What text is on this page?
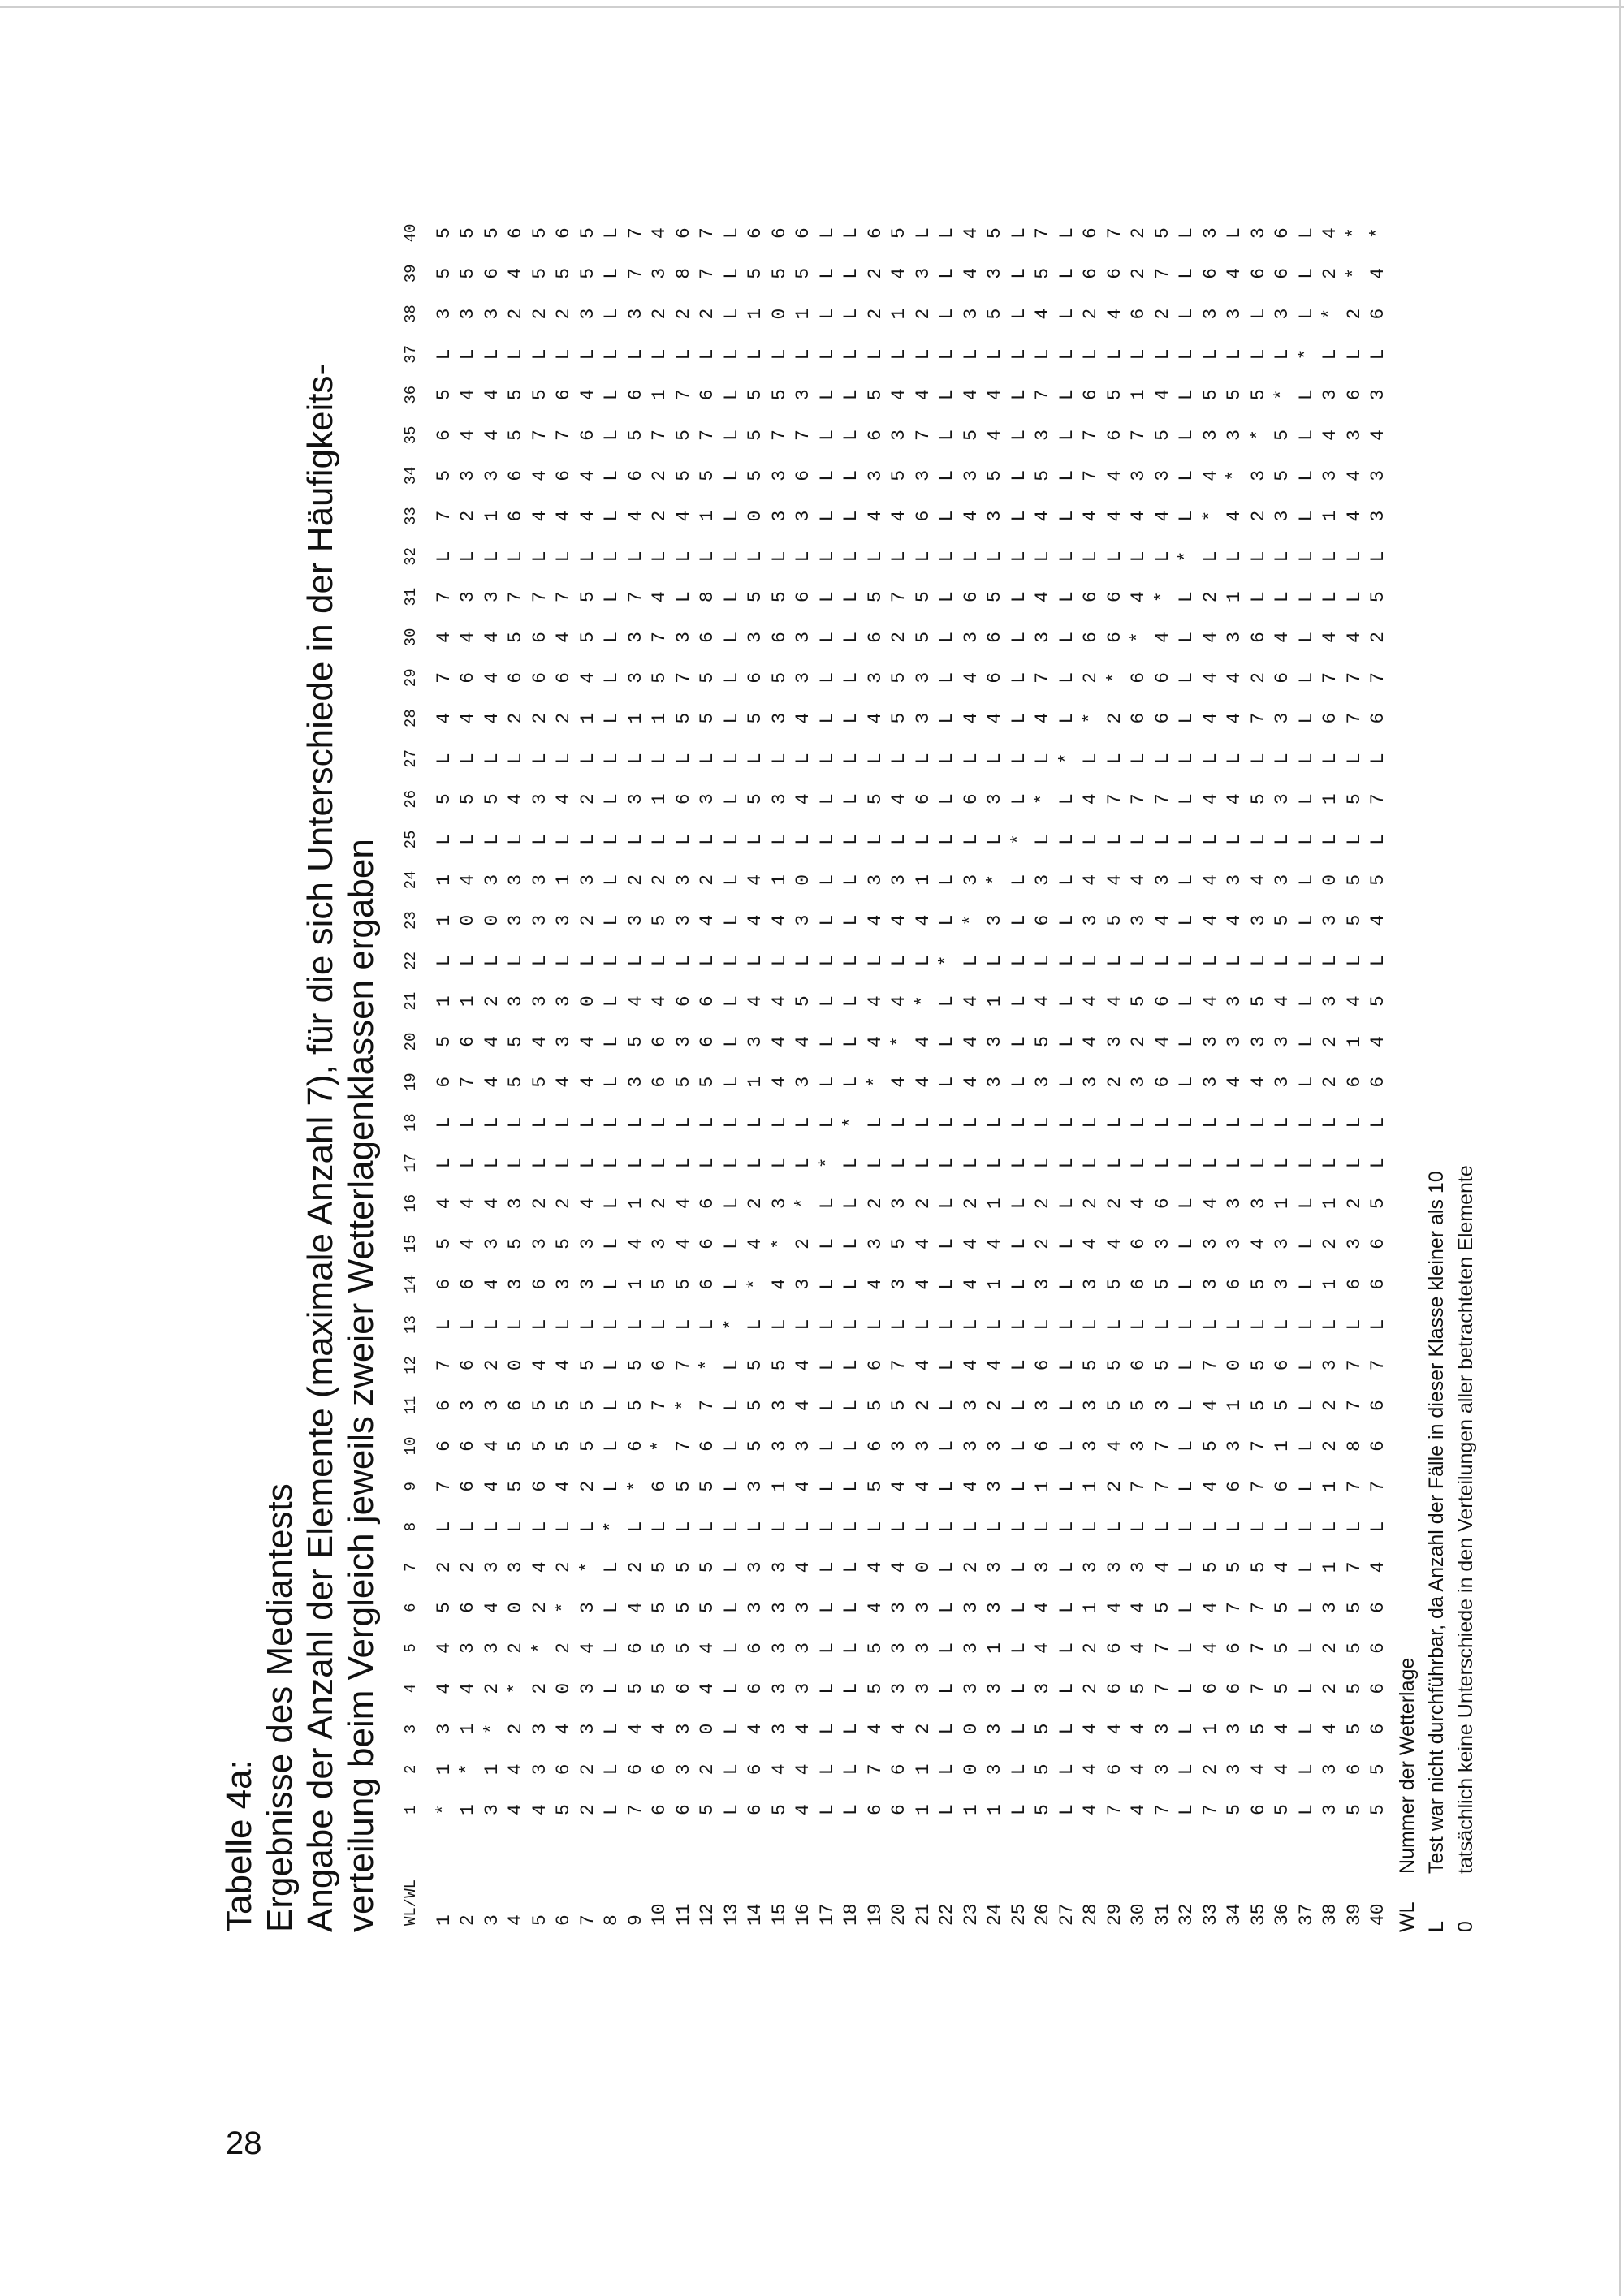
28
Tabelle 4a: Ergebnisse des Mediantests Angabe der Anzahl der Elemente (maximale Anzahl 7), für die sich Unterschiede in der Häufigkeits- verteilung beim Vergleich jeweils zweier Wetterlagenklassen ergaben WL/WL
1
2
3
4
5
6
7
8
9
10
11
12
13
14
15
16
17
18
19
20
21
22
23
24
25
26
27
28
29
30
31
32
33
34
35
36
37
38
39
40
1
*
1
3
4
4
5
2
L
7
6
6
7
L
6
5
4
L
L
6
5
1
L
1
1
L
5
L
4
7
4
7
L
7
5
6
5
L
3
5
5
2
1
*
1
4
3
6
2
L
6
6
3
6
L
6
4
4
L
L
7
6
1
L
0
4
L
5
L
4
6
4
3
L
2
3
4
4
L
3
5
5
3
3
1
*
2
3
4
3
L
4
4
3
2
L
4
3
4
L
L
4
4
2
L
0
3
L
5
L
4
4
4
3
L
1
3
4
4
L
3
6
5
4
4
4
2
*
2
0
3
L
5
5
6
0
L
3
5
3
L
L
5
5
3
L
3
3
L
4
L
2
6
5
7
L
6
6
5
5
L
2
4
6
5
4
3
3
2
*
2
4
L
6
5
5
4
L
6
3
2
L
L
5
4
3
L
3
3
L
3
L
2
6
6
7
L
4
4
7
5
L
2
5
5
6
5
6
4
0
2
*
2
L
4
5
5
4
L
3
5
2
L
L
4
3
3
L
3
1
L
4
L
2
6
4
7
L
4
6
7
6
L
2
5
6
7
2
2
3
3
4
3
*
L
2
5
5
5
L
3
3
4
L
L
4
4
0
L
2
3
L
2
L
1
4
5
5
L
4
4
6
4
L
3
5
5
8
L
L
L
L
L
L
L
*
L
L
L
L
L
L
L
L
L
L
L
L
L
L
L
L
L
L
L
L
L
L
L
L
L
L
L
L
L
L
L
L
9
7
6
4
5
6
4
2
L
*
6
5
5
L
1
4
1
L
L
3
5
4
L
3
2
L
3
L
1
3
3
7
L
4
6
5
6
L
3
7
7
10
6
6
4
5
5
5
5
L
6
*
7
6
L
5
3
2
L
L
6
6
4
L
5
2
L
1
L
1
5
7
4
L
2
2
7
1
L
2
3
4
11
6
3
3
6
5
5
5
L
5
7
*
7
L
5
4
4
L
L
5
3
6
L
3
3
L
6
L
5
7
3
L
L
4
5
5
7
L
2
8
6
12
5
2
0
4
4
5
5
L
5
6
7
*
L
6
6
6
L
L
5
6
6
L
4
2
L
3
L
5
5
6
8
L
1
5
7
6
L
2
7
7
13
L
L
L
L
L
L
L
L
L
L
L
L
*
L
L
L
L
L
L
L
L
L
L
L
L
L
L
L
L
L
L
L
L
L
L
L
L
L
L
L
14
6
6
4
6
6
3
3
L
3
5
5
5
L
*
4
2
L
L
1
3
4
L
4
4
L
5
L
5
6
3
5
L
0
5
5
5
L
1
5
6
15
5
4
3
3
3
3
3
L
1
3
3
5
L
4
*
3
L
L
4
4
4
L
4
1
L
3
L
3
5
6
5
L
3
3
7
5
L
0
5
6
16
4
4
4
3
3
3
4
L
4
3
4
4
L
3
2
*
L
L
3
4
5
L
3
0
L
4
L
4
3
3
6
L
3
6
7
3
L
1
5
6
17
L
L
L
L
L
L
L
L
L
L
L
L
L
L
L
L
*
L
L
L
L
L
L
L
L
L
L
L
L
L
L
L
L
L
L
L
L
L
L
L
18
L
L
L
L
L
L
L
L
L
L
L
L
L
L
L
L
L
*
L
L
L
L
L
L
L
L
L
L
L
L
L
L
L
L
L
L
L
L
L
L
19
6
7
4
5
5
4
4
L
5
6
5
6
L
4
3
2
L
L
*
4
4
L
4
3
L
5
L
4
3
6
5
L
4
3
6
5
L
2
2
6
20
6
6
4
3
3
3
4
L
4
3
5
7
L
3
5
3
L
L
4
*
4
L
4
3
L
4
L
5
5
2
7
L
4
5
3
4
L
1
4
5
21
1
1
2
3
3
3
0
L
4
3
2
4
L
4
4
2
L
L
4
4
*
L
4
1
L
6
L
3
3
5
5
L
6
3
7
4
L
2
3
L
22
L
L
L
L
L
L
L
L
L
L
L
L
L
L
L
L
L
L
L
L
L
*
L
L
L
L
L
L
L
L
L
L
L
L
L
L
L
L
L
L
23
1
0
0
3
3
3
2
L
4
3
3
4
L
4
4
2
L
L
4
4
4
L
*
3
L
6
L
4
4
3
6
L
4
3
5
4
L
3
4
4
24
1
3
3
3
1
3
3
L
3
3
2
4
L
1
4
1
L
L
3
3
1
L
3
*
L
3
L
4
6
6
5
L
3
5
4
4
L
5
3
5
25
L
L
L
L
L
L
L
L
L
L
L
L
L
L
L
L
L
L
L
L
L
L
L
L
*
L
L
L
L
L
L
L
L
L
L
L
L
L
L
L
26
5
5
5
3
4
4
3
L
1
6
3
6
L
3
2
2
L
L
3
5
4
L
6
3
L
*
L
4
7
3
4
L
4
5
3
7
L
4
5
7
27
L
L
L
L
L
L
L
L
L
L
L
L
L
L
L
L
L
L
L
L
L
L
L
L
L
L
*
L
L
L
L
L
L
L
L
L
L
L
L
L
28
4
4
4
2
2
1
3
L
1
3
3
5
L
3
4
2
L
L
3
4
4
L
3
4
L
4
L
*
2
6
6
L
4
7
7
6
L
2
6
6
29
7
6
4
6
6
4
3
L
2
4
5
5
L
5
4
2
L
L
2
3
4
L
5
4
L
7
L
2
*
6
6
L
4
4
6
5
L
4
6
7
30
4
4
4
5
4
4
3
L
7
3
5
6
L
6
6
4
L
L
3
2
5
L
3
4
L
7
L
6
6
*
4
L
4
3
7
1
L
6
2
2
31
7
3
3
7
7
5
4
L
7
7
3
5
L
5
3
6
L
L
6
4
6
L
4
3
L
7
L
6
6
4
*
L
4
3
5
4
L
2
7
5
32
L
L
L
L
L
L
L
L
L
L
L
L
L
L
L
L
L
L
L
L
L
L
L
L
L
L
L
L
L
L
L
*
L
L
L
L
L
L
L
L
33
7
2
1
6
4
4
5
L
4
5
4
7
L
3
3
4
L
L
3
3
4
L
4
4
L
4
L
4
4
4
2
L
*
4
3
5
L
3
6
3
34
5
3
3
6
6
7
5
L
6
3
1
0
L
6
3
3
L
L
4
3
3
L
4
3
L
4
L
4
4
3
1
L
4
*
3
5
L
3
4
L
35
6
4
5
7
7
7
5
L
7
7
5
5
L
5
4
3
L
L
4
3
5
L
3
4
L
5
L
7
2
6
L
L
2
3
*
5
L
L
6
3
36
5
4
4
5
5
5
4
L
6
1
5
6
L
3
3
1
L
L
3
3
4
L
5
3
L
3
L
3
6
4
L
L
3
5
5
*
L
3
6
6
37
L
L
L
L
L
L
L
L
L
L
L
L
L
L
L
L
L
L
L
L
L
L
L
L
L
L
L
L
L
L
L
L
L
L
L
L
*
L
L
L
38
3
3
4
2
2
3
1
L
1
2
2
3
L
1
2
1
L
L
2
2
3
L
3
0
L
1
L
6
7
4
L
L
1
3
4
3
L
*
2
4
39
5
6
5
5
5
5
7
L
7
8
7
7
L
6
3
2
L
L
6
1
4
L
5
5
L
5
L
7
7
4
L
L
4
4
3
6
L
2
*
*
40
5
5
6
6
6
6
4
L
7
6
6
7
L
6
6
5
L
L
6
4
5
L
4
5
L
7
L
6
7
2
5
L
3
3
4
3
L
6
4
*
WL
Nummer der Wetterlage
L
Test war nicht durchführbar, da Anzahl der Fälle in dieser Klasse kleiner als 10
0
tatsächlich keine Unterschiede in den Verteilungen aller betrachteten Elemente
